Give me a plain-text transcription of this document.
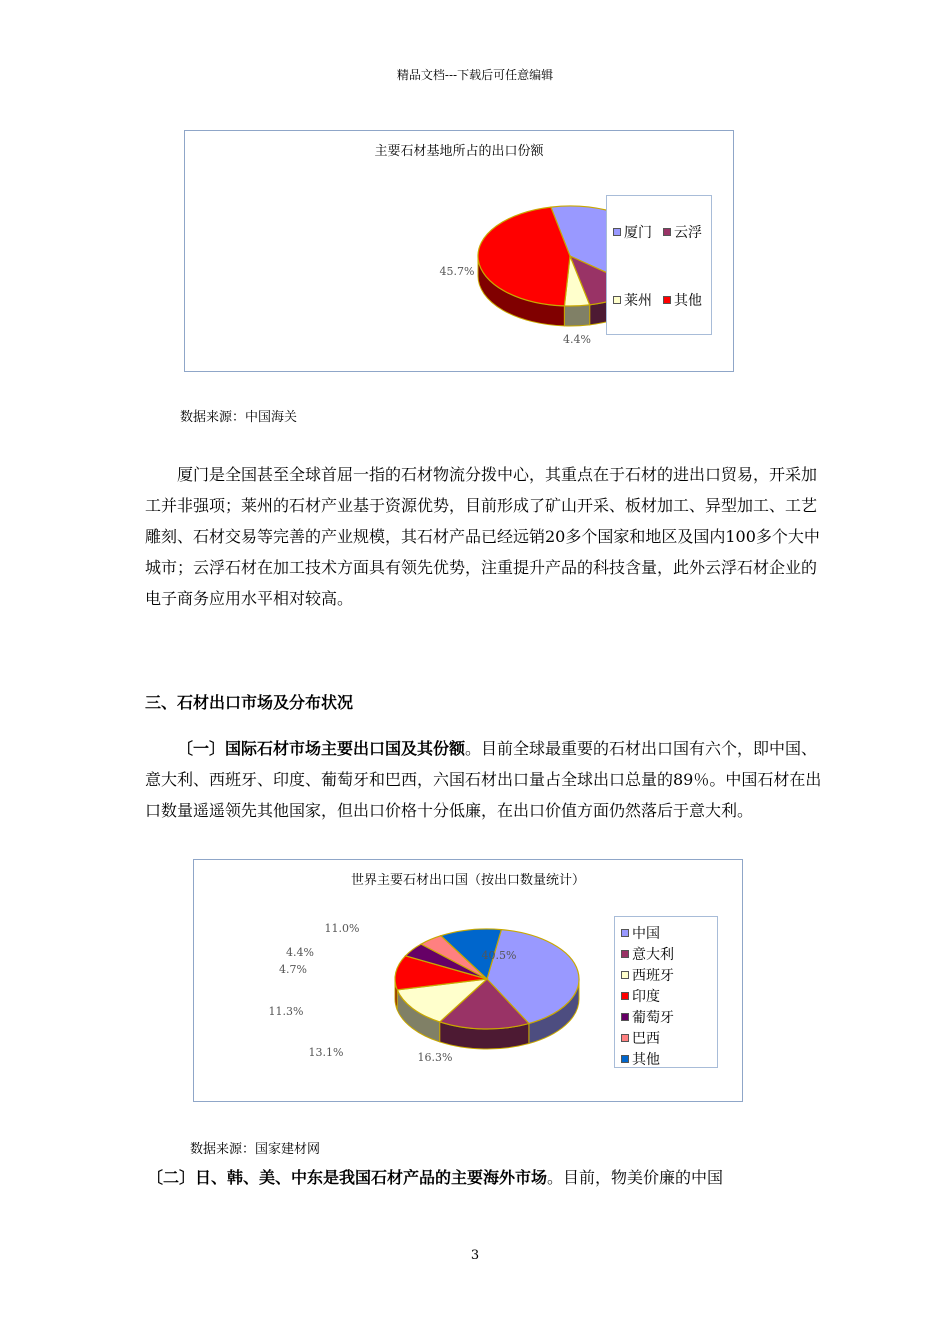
精品文档---下载后可任意编辑
主要石材基地所占的出口份额
4.4%
45.7%
厦门	云浮
莱州	其他
数据来源：中国海关
厦门是全国甚至全球首屈一指的石材物流分拨中心，其重点在于石材的进出口贸易，开采加工并非强项；莱州的石材产业基于资源优势，目前形成了矿山开采、板材加工、异型加工、工艺雕刻、石材交易等完善的产业规模，其石材产品已经远销20多个国家和地区及国内100多个大中城市；云浮石材在加工技术方面具有领先优势，注重提升产品的科技含量，此外云浮石材企业的电子商务应用水平相对较高。
三、石材出口市场及分布状况
〔一〕国际石材市场主要出口国及其份额。目前全球最重要的石材出口国有六个，即中国、意大利、西班牙、印度、葡萄牙和巴西，六国石材出口量占全球出口总量的89％。中国石材在出口数量遥遥领先其他国家，但出口价格十分低廉，在出口价值方面仍然落后于意大利。
世界主要石材出口国（按出口数量统计）
40.5%
16.3%
13.1%
11.3%
4.7%
4.4%
11.0%	中国
意大利
西班牙
印度
葡萄牙
巴西
其他
数据来源：国家建材网
〔二〕日、韩、美、中东是我国石材产品的主要海外市场。目前，物美价廉的中国
3
